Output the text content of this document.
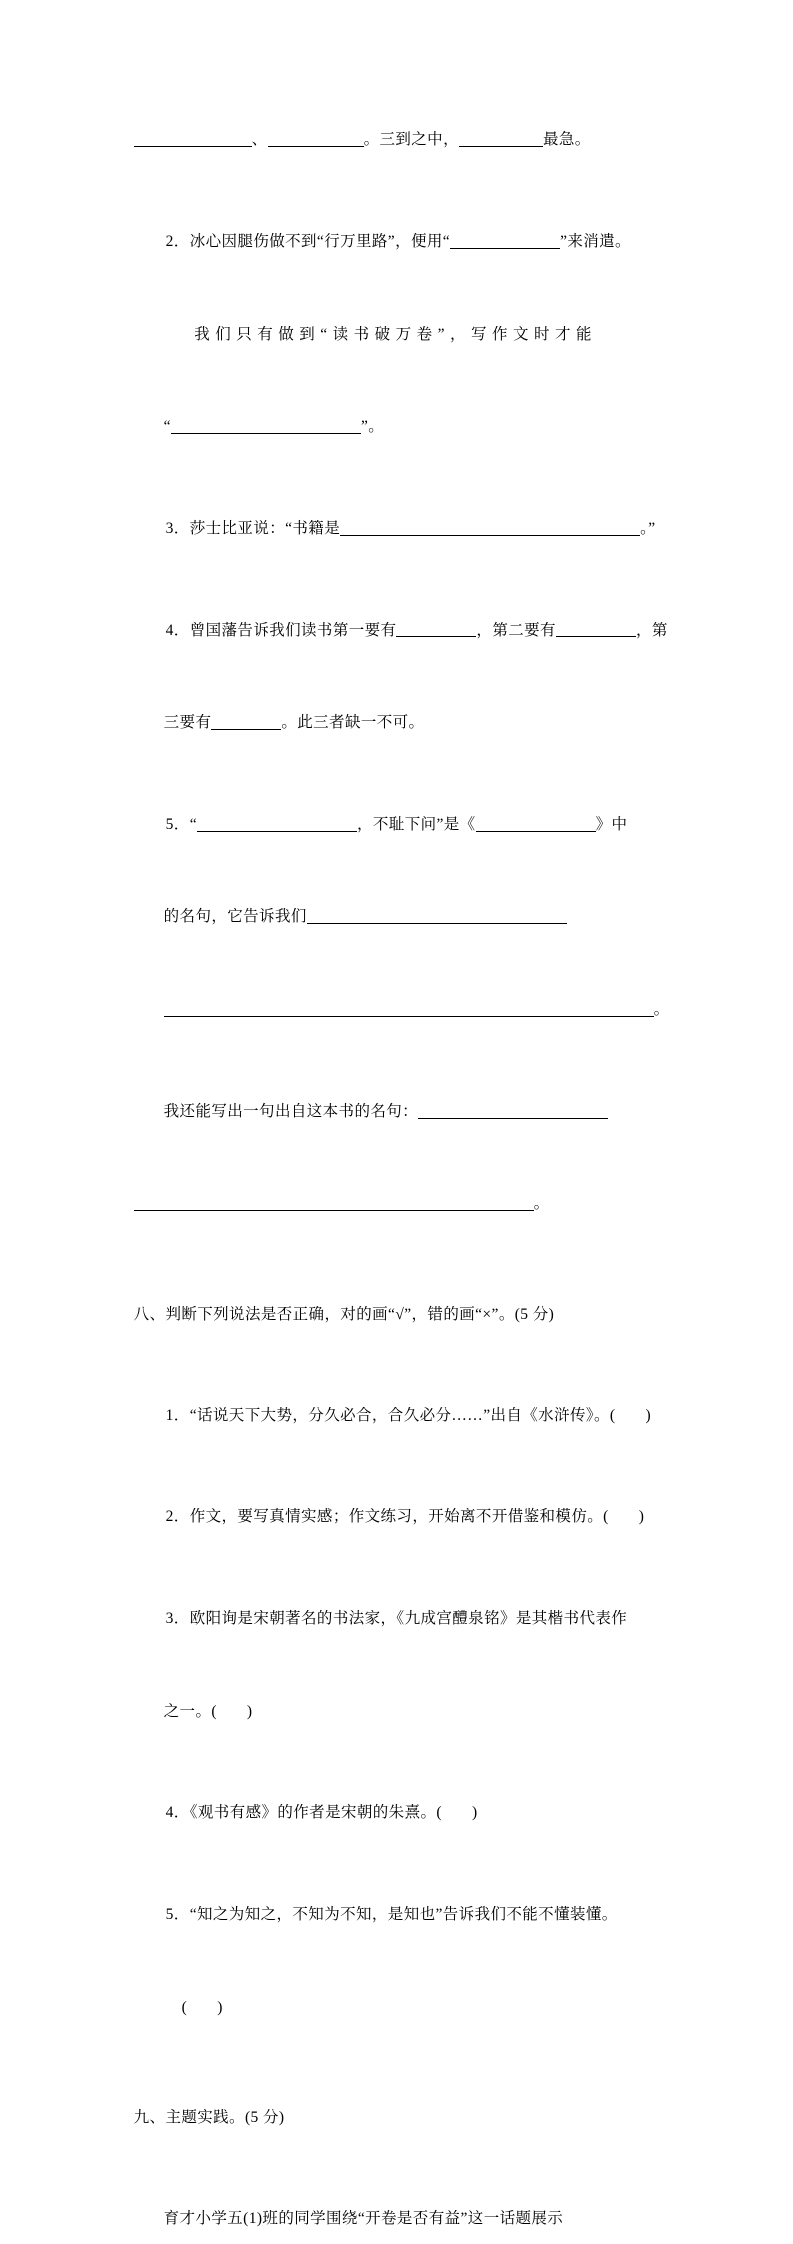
、	。三到之中，	最急。

2．冰心因腿伤做不到“行万里路”，便用“	”来消遣。

我们只有做到“读书破万卷”，写作文时才能

“	”。

3．莎士比亚说：“书籍是	。”

4．曾国藩告诉我们读书第一要有	，第二要有	，第

三要有	。此三者缺一不可。

5．“	，不耻下问”是《	》中

的名句，它告诉我们

。

我还能写出一句出自这本书的名句：

。

八、判断下列说法是否正确，对的画“√”，错的画“×”。(5 分)

1．“话说天下大势，分久必合，合久必分……”出自《水浒传》。( )

2．作文，要写真情实感；作文练习，开始离不开借鉴和模仿。( )

3．欧阳询是宋朝著名的书法家，《九成宫醴泉铭》是其楷书代表作

之一。( )

4．《观书有感》的作者是宋朝的朱熹。( )

5．“知之为知之，不知为不知，是知也”告诉我们不能不懂装懂。

( )

九、主题实践。(5 分)

育才小学五(1)班的同学围绕“开卷是否有益”这一话题展示
